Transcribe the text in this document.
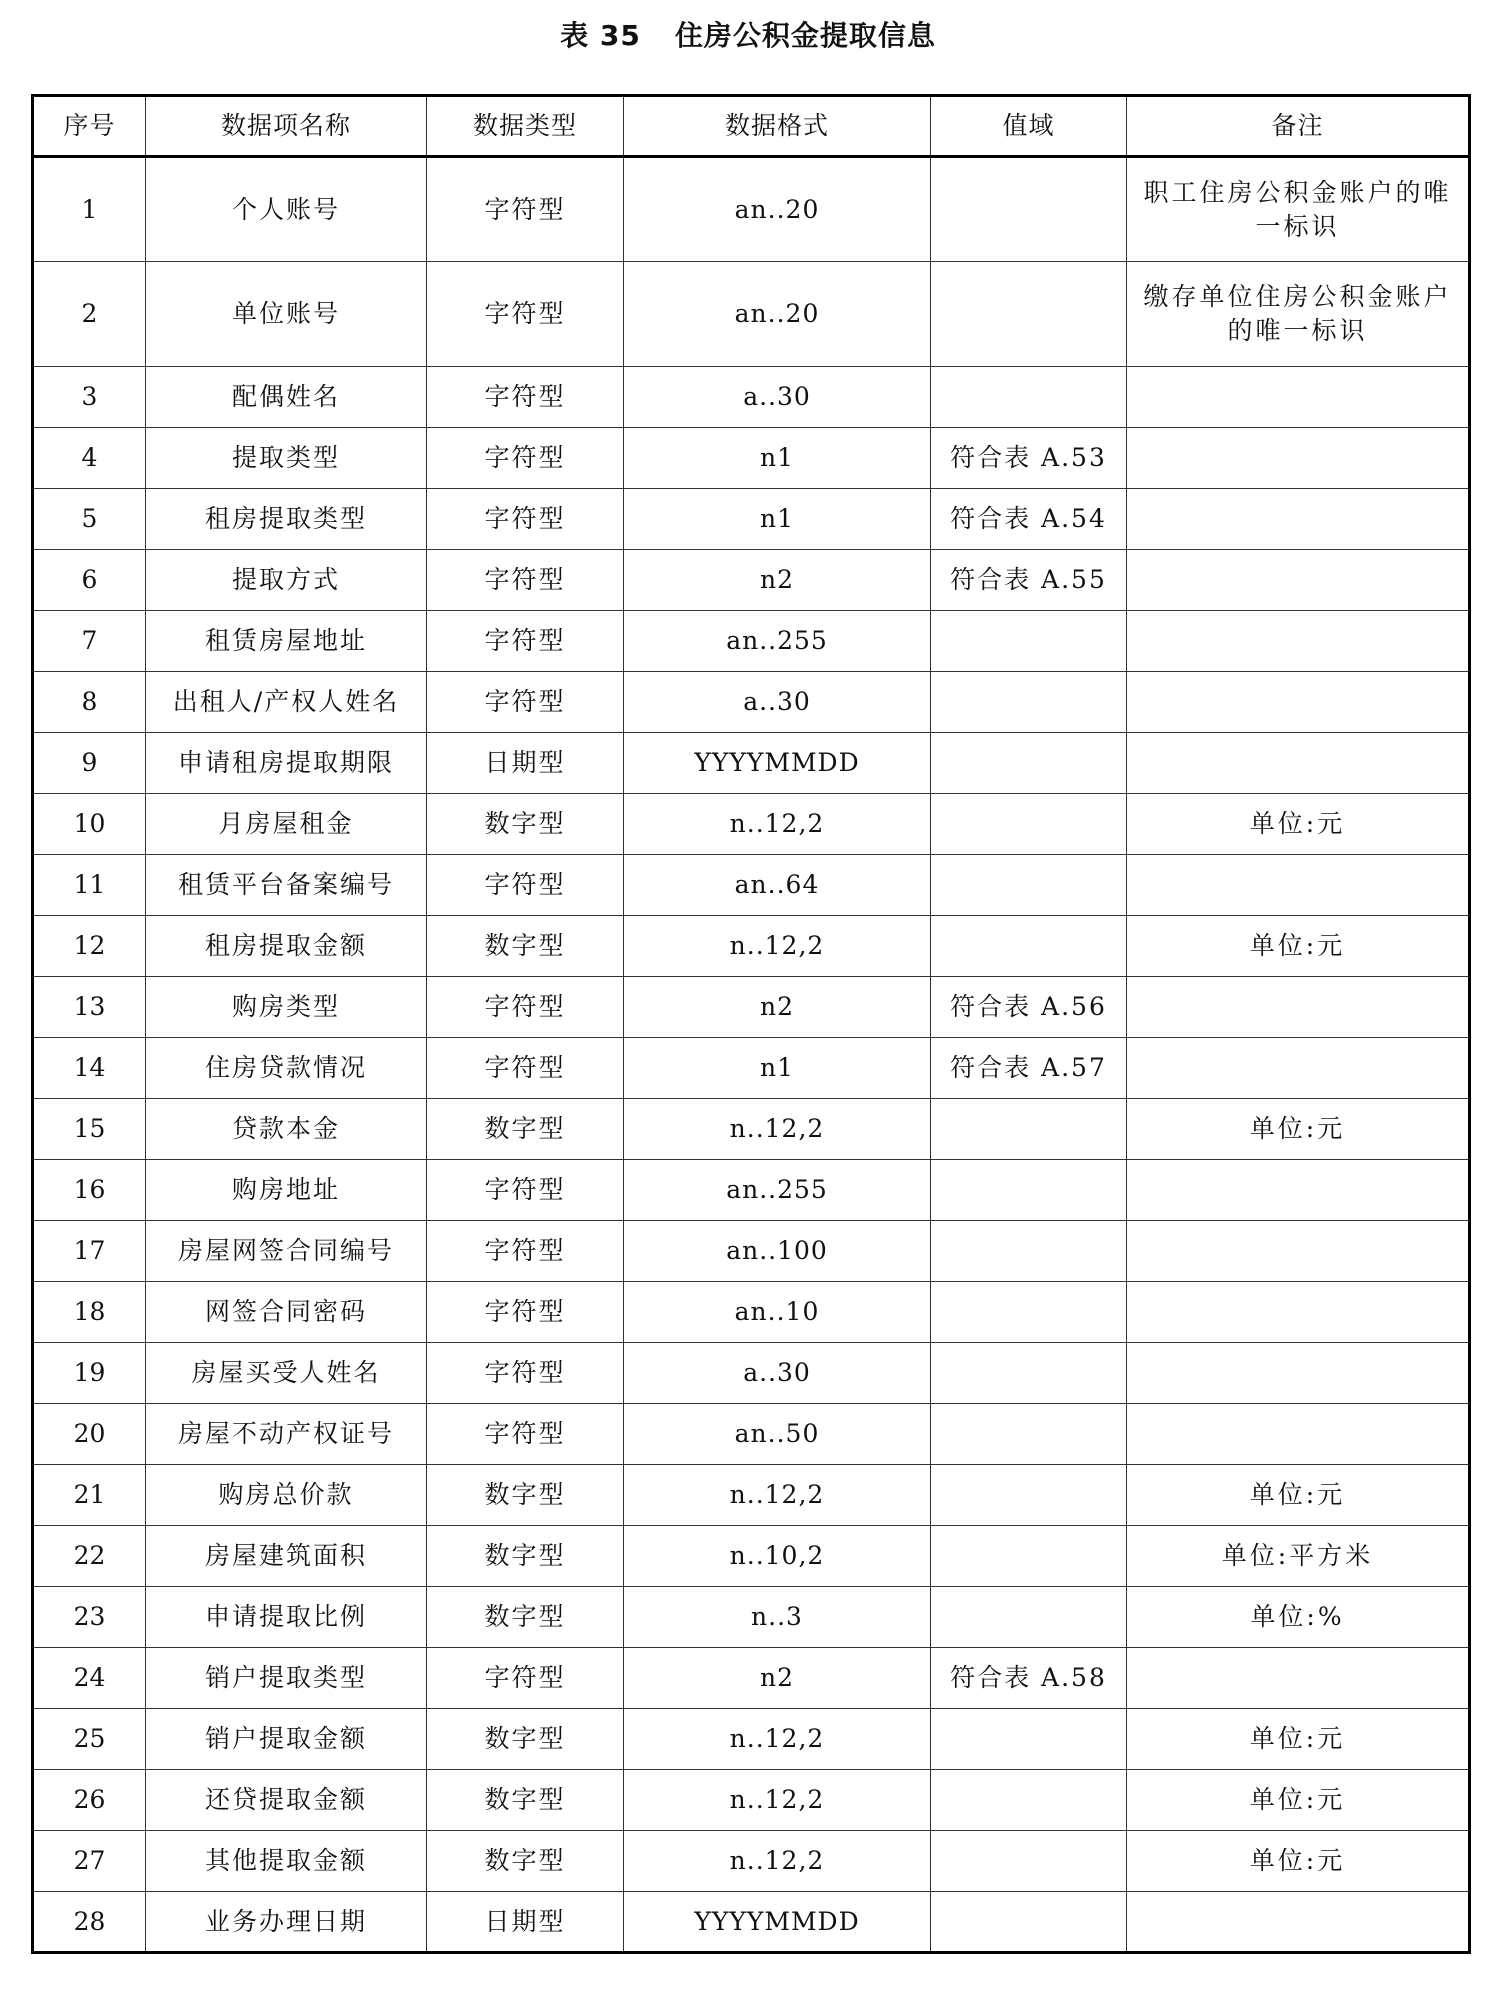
表 35 住房公积金提取信息
序号	数据项名称	数据类型	数据格式	值域	备注
1	个人账号	字符型	an..20		职工住房公积金账户的唯一标识
2	单位账号	字符型	an..20		缴存单位住房公积金账户的唯一标识
3	配偶姓名	字符型	a..30		
4	提取类型	字符型	n1	符合表 A.53	
5	租房提取类型	字符型	n1	符合表 A.54	
6	提取方式	字符型	n2	符合表 A.55	
7	租赁房屋地址	字符型	an..255		
8	出租人/产权人姓名	字符型	a..30		
9	申请租房提取期限	日期型	YYYYMMDD		
10	月房屋租金	数字型	n..12,2		单位:元
11	租赁平台备案编号	字符型	an..64		
12	租房提取金额	数字型	n..12,2		单位:元
13	购房类型	字符型	n2	符合表 A.56	
14	住房贷款情况	字符型	n1	符合表 A.57	
15	贷款本金	数字型	n..12,2		单位:元
16	购房地址	字符型	an..255		
17	房屋网签合同编号	字符型	an..100		
18	网签合同密码	字符型	an..10		
19	房屋买受人姓名	字符型	a..30		
20	房屋不动产权证号	字符型	an..50		
21	购房总价款	数字型	n..12,2		单位:元
22	房屋建筑面积	数字型	n..10,2		单位:平方米
23	申请提取比例	数字型	n..3		单位:%
24	销户提取类型	字符型	n2	符合表 A.58	
25	销户提取金额	数字型	n..12,2		单位:元
26	还贷提取金额	数字型	n..12,2		单位:元
27	其他提取金额	数字型	n..12,2		单位:元
28	业务办理日期	日期型	YYYYMMDD		
